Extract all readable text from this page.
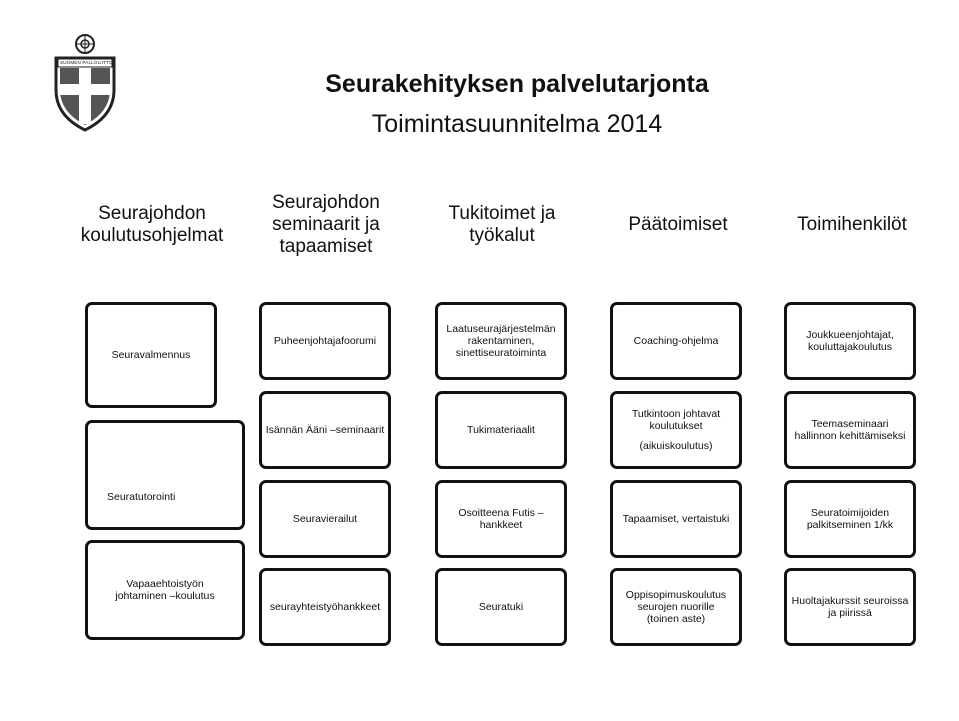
SUOMEN PALLOLIITTO
Seurakehityksen palvelutarjonta
Toimintasuunnitelma 2014
Seurajohdon
koulutusohjelmat
Seurajohdon
seminaarit ja
tapaamiset
Tukitoimet ja
työkalut
Päätoimiset	Toimihenkilöt
Seuravalmennus
Seuratutorointi
Vapaaehtoistyön
johtaminen –koulutus
Puheenjohtajafoorumi
Isännän Ääni –seminaarit
Seuravierailut
seurayhteistyöhankkeet
Laatuseurajärjestelmän
rakentaminen,
sinettiseuratoiminta
Tukimateriaalit
Osoitteena Futis –
hankkeet
Seuratuki
Coaching-ohjelma
Tutkintoon johtavat
koulutukset
(aikuiskoulutus)
Tapaamiset, vertaistuki
Oppisopimuskoulutus
seurojen nuorille
(toinen aste)
Joukkueenjohtajat,
kouluttajakoulutus
Teemaseminaari
hallinnon kehittämiseksi
Seuratoimijoiden
palkitseminen 1/kk
Huoltajakurssit seuroissa
ja piirissä
